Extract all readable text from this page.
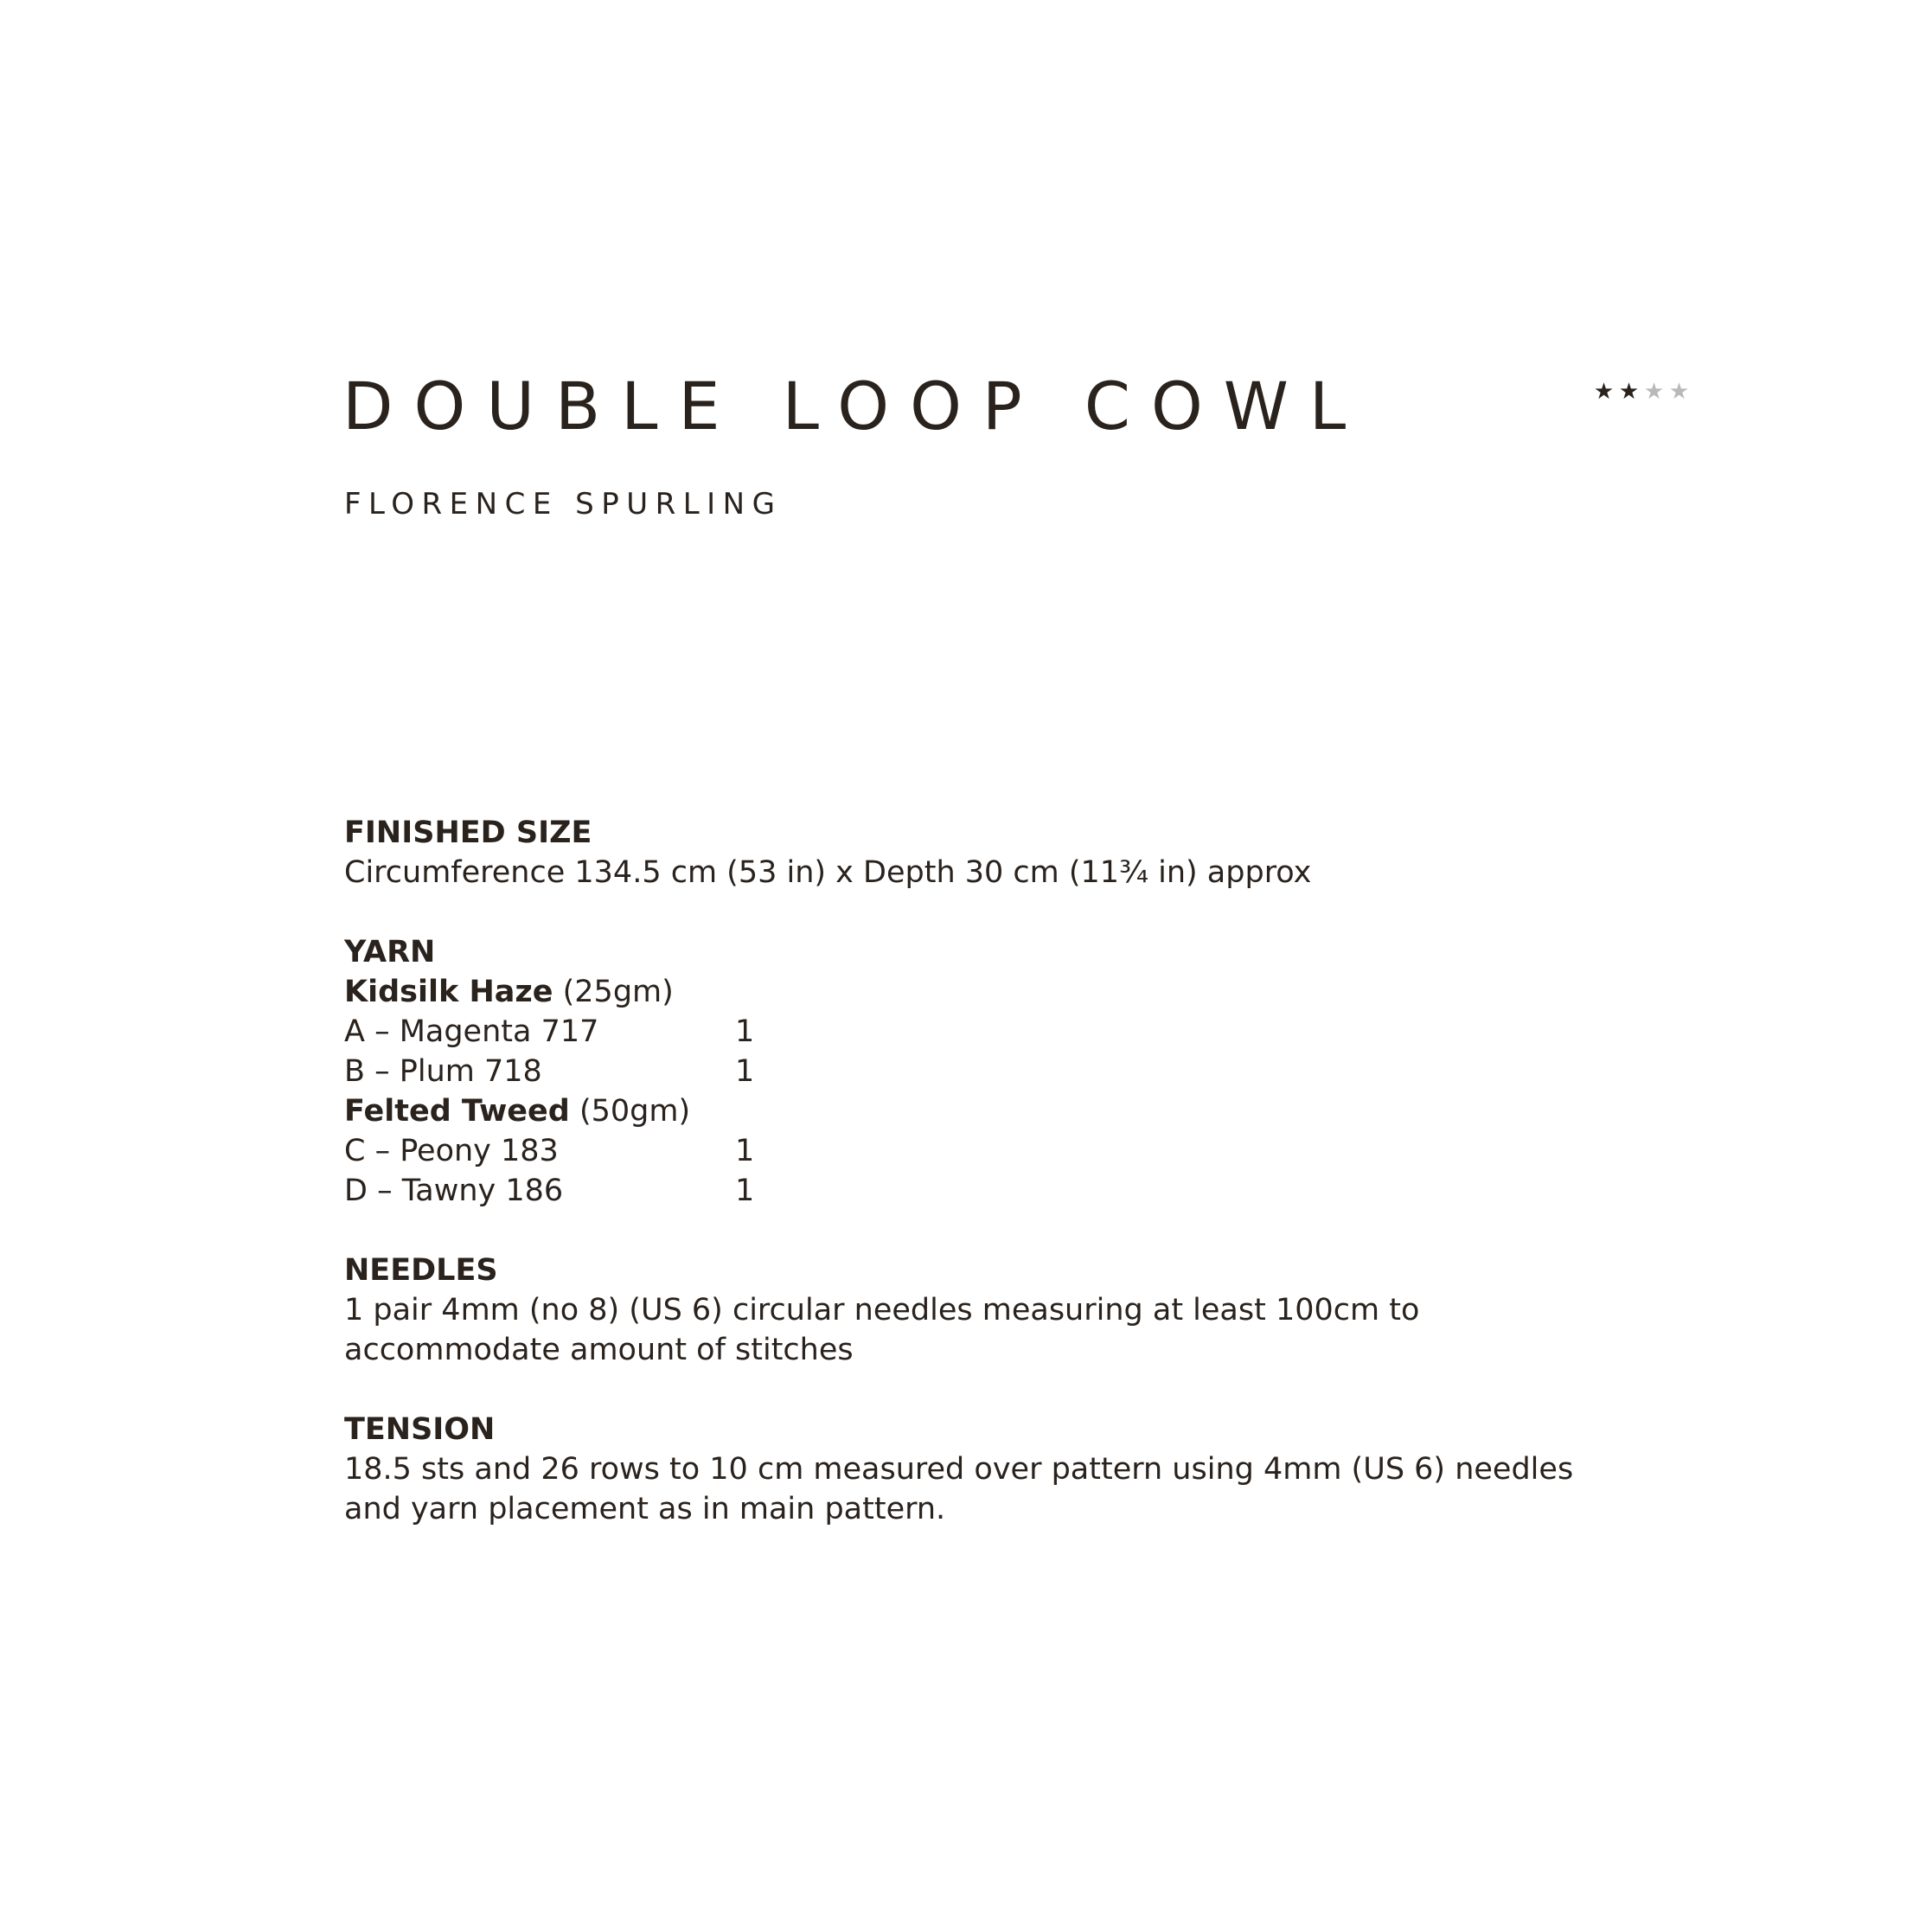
DOUBLE LOOP COWL
FLORENCE SPURLING
★ ★ ★ ★

FINISHED SIZE

Circumference 134.5 cm (53 in) x Depth 30 cm (11¾ in) approx

YARN

Kidsilk Haze (25gm)
A – Magenta 717	1
B – Plum 718	1
Felted Tweed (50gm)
C – Peony 183	1
D – Tawny 186	1

NEEDLES

1 pair 4mm (no 8) (US 6) circular needles measuring at least 100cm to accommodate amount of stitches

TENSION

18.5 sts and 26 rows to 10 cm measured over pattern using 4mm (US 6) needles and yarn placement as in main pattern.
